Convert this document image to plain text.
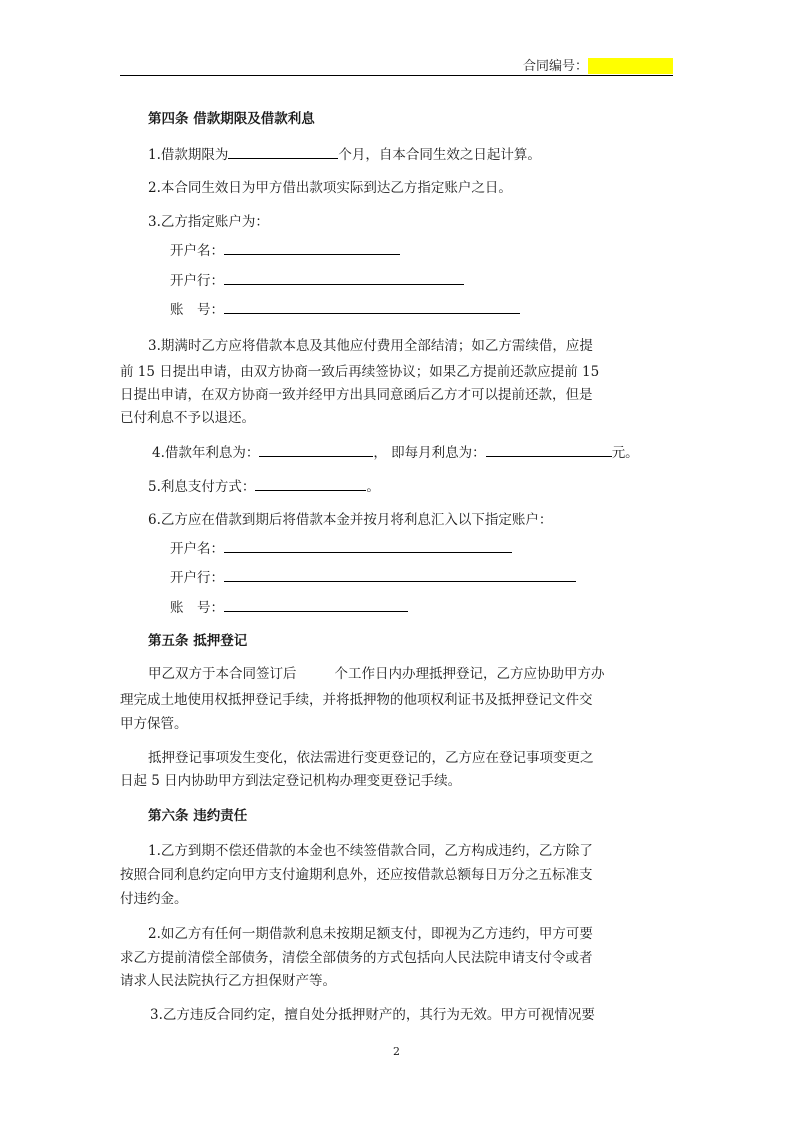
合同编号：
第四条 借款期限及借款利息
1.借款期限为	个月，自本合同生效之日起计算。
2.本合同生效日为甲方借出款项实际到达乙方指定账户之日。
3.乙方指定账户为：
开户名：
开户行：
账　号：
3.期满时乙方应将借款本息及其他应付费用全部结清；如乙方需续借，应提
前 15 日提出申请，由双方协商一致后再续签协议；如果乙方提前还款应提前 15
日提出申请，在双方协商一致并经甲方出具同意函后乙方才可以提前还款，但是
已付利息不予以退还。
4.借款年利息为：	， 即每月利息为：	元。
5.利息支付方式：	。
6.乙方应在借款到期后将借款本金并按月将利息汇入以下指定账户：
开户名：
开户行：
账　号：
第五条 抵押登记
甲乙双方于本合同签订后	个工作日内办理抵押登记，乙方应协助甲方办
理完成土地使用权抵押登记手续，并将抵押物的他项权利证书及抵押登记文件交
甲方保管。
抵押登记事项发生变化，依法需进行变更登记的，乙方应在登记事项变更之
日起 5 日内协助甲方到法定登记机构办理变更登记手续。
第六条 违约责任
1.乙方到期不偿还借款的本金也不续签借款合同，乙方构成违约，乙方除了
按照合同利息约定向甲方支付逾期利息外，还应按借款总额每日万分之五标准支
付违约金。
2.如乙方有任何一期借款利息未按期足额支付，即视为乙方违约，甲方可要
求乙方提前清偿全部债务，清偿全部债务的方式包括向人民法院申请支付令或者
请求人民法院执行乙方担保财产等。
3.乙方违反合同约定，擅自处分抵押财产的，其行为无效。甲方可视情况要
2
